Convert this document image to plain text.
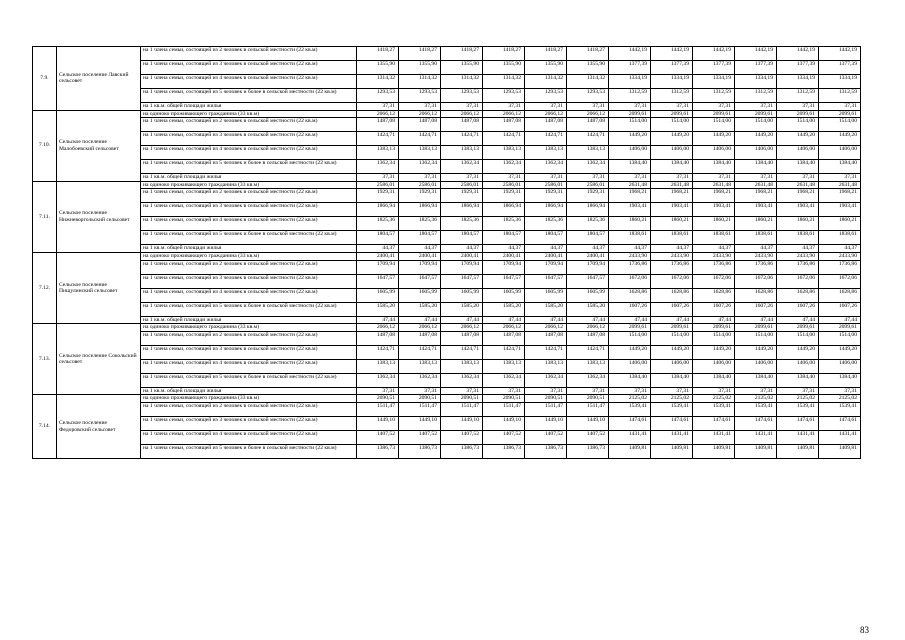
7.9.	Сельское поселение Лавский сельсовет	на 1 члена семьи, состоящей из 2 человек в сельской местности (22 кв.м)	1418,27	1418,27	1418,27	1418,27	1418,27	1418,27	1442,19	1442,19	1442,19	1442,19	1442,19	1442,19
		на 1 члена семьи, состоящей из 3 человек в сельской местности (22 кв.м)	1355,90	1355,90	1355,90	1355,90	1355,90	1355,90	1377,39	1377,39	1377,39	1377,39	1377,39	1377,39
		на 1 члена семьи, состоящей из 4 человек в сельской местности (22 кв.м)	1314,32	1314,32	1314,32	1314,32	1314,32	1314,32	1334,19	1334,19	1334,19	1334,19	1334,19	1334,19
		на 1 члена семьи, состоящей из 5 человек и более в сельской местности (22 кв.м)	1293,53	1293,53	1293,53	1293,53	1293,53	1293,53	1312,59	1312,59	1312,59	1312,59	1312,59	1312,59
		на 1 кв.м. общей площади жилья	37,31	37,31	37,31	37,31	37,31	37,31	37,31	37,31	37,31	37,31	37,31	37,31
7.10.	Сельское поселение Малобоевский сельсовет	на одиноко проживающего гражданина (33 кв.м)	2066,12	2066,12	2066,12	2066,12	2066,12	2066,12	2099,61	2099,61	2099,61	2099,61	2099,61	2099,61
		на 1 члена семьи, состоящей из 2 человек в сельской местности (22 кв.м)	1487,08	1487,08	1487,08	1487,08	1487,08	1487,08	1514,00	1514,00	1514,00	1514,00	1514,00	1514,00
		на 1 члена семьи, состоящей из 3 человек в сельской местности (22 кв.м)	1424,71	1424,71	1424,71	1424,71	1424,71	1424,71	1449,20	1449,20	1449,20	1449,20	1449,20	1449,20
		на 1 члена семьи, состоящей из 4 человек в сельской местности (22 кв.м)	1383,13	1383,13	1383,13	1383,13	1383,13	1383,13	1406,00	1406,00	1406,00	1406,00	1406,00	1406,00
		на 1 члена семьи, состоящей из 5 человек и более в сельской местности (22 кв.м)	1362,34	1362,34	1362,34	1362,34	1362,34	1362,34	1384,40	1384,40	1384,40	1384,40	1384,40	1384,40
		на 1 кв.м. общей площади жилья	37,31	37,31	37,31	37,31	37,31	37,31	37,31	37,31	37,31	37,31	37,31	37,31
7.11.	Сельское поселение Нижневоргольский сельсовет	на одиноко проживающего гражданина (33 кв.м)	2586,01	2586,01	2586,01	2586,01	2586,01	2586,01	2631,48	2631,48	2631,48	2631,48	2631,48	2631,48
		на 1 члена семьи, состоящей из 2 человек в сельской местности (22 кв.м)	1929,31	1929,31	1929,31	1929,31	1929,31	1929,31	1968,21	1968,21	1968,21	1968,21	1968,21	1968,21
		на 1 члена семьи, состоящей из 3 человек в сельской местности (22 кв.м)	1866,94	1866,94	1866,94	1866,94	1866,94	1866,94	1903,41	1903,41	1903,41	1903,41	1903,41	1903,41
		на 1 члена семьи, состоящей из 4 человек в сельской местности (22 кв.м)	1825,36	1825,36	1825,36	1825,36	1825,36	1825,36	1860,21	1860,21	1860,21	1860,21	1860,21	1860,21
		на 1 члена семьи, состоящей из 5 человек и более в сельской местности (22 кв.м)	1804,57	1804,57	1804,57	1804,57	1804,57	1804,57	1838,61	1838,61	1838,61	1838,61	1838,61	1838,61
		на 1 кв.м. общей площади жилья	44,37	44,37	44,37	44,37	44,37	44,37	44,37	44,37	44,37	44,37	44,37	44,37
7.12.	Сельское поселение Пищулинский сельсовет	на одиноко проживающего гражданина (33 кв.м)	2400,41	2400,41	2400,41	2400,41	2400,41	2400,41	2433,90	2433,90	2433,90	2433,90	2433,90	2433,90
		на 1 члена семьи, состоящей из 2 человек в сельской местности (22 кв.м)	1709,94	1709,94	1709,94	1709,94	1709,94	1709,94	1736,86	1736,86	1736,86	1736,86	1736,86	1736,86
		на 1 члена семьи, состоящей из 3 человек в сельской местности (22 кв.м)	1647,57	1647,57	1647,57	1647,57	1647,57	1647,57	1672,06	1672,06	1672,06	1672,06	1672,06	1672,06
		на 1 члена семьи, состоящей из 4 человек в сельской местности (22 кв.м)	1605,99	1605,99	1605,99	1605,99	1605,99	1605,99	1628,86	1628,86	1628,86	1628,86	1628,86	1628,86
		на 1 члена семьи, состоящей из 5 человек и более в сельской местности (22 кв.м)	1585,20	1585,20	1585,20	1585,20	1585,20	1585,20	1607,26	1607,26	1607,26	1607,26	1607,26	1607,26
		на 1 кв.м. общей площади жилья	47,44	47,44	47,44	47,44	47,44	47,44	47,44	47,44	47,44	47,44	47,44	47,44
7.13.	Сельское поселение Сокольский сельсовет	на одиноко проживающего гражданина (33 кв.м)	2066,12	2066,12	2066,12	2066,12	2066,12	2066,12	2099,61	2099,61	2099,61	2099,61	2099,61	2099,61
		на 1 члена семьи, состоящей из 2 человек в сельской местности (22 кв.м)	1487,08	1487,08	1487,08	1487,08	1487,08	1487,08	1514,00	1514,00	1514,00	1514,00	1514,00	1514,00
		на 1 члена семьи, состоящей из 3 человек в сельской местности (22 кв.м)	1424,71	1424,71	1424,71	1424,71	1424,71	1424,71	1449,20	1449,20	1449,20	1449,20	1449,20	1449,20
		на 1 члена семьи, состоящей из 4 человек в сельской местности (22 кв.м)	1383,13	1383,13	1383,13	1383,13	1383,13	1383,13	1406,00	1406,00	1406,00	1406,00	1406,00	1406,00
		на 1 члена семьи, состоящей из 5 человек и более в сельской местности (22 кв.м)	1362,34	1362,34	1362,34	1362,34	1362,34	1362,34	1384,40	1384,40	1384,40	1384,40	1384,40	1384,40
		на 1 кв.м. общей площади жилья	37,31	37,31	37,31	37,31	37,31	37,31	37,31	37,31	37,31	37,31	37,31	37,31
7.14.	Сельское поселение Федоровский сельсовет	на одиноко проживающего гражданина (33 кв.м)	2090,51	2090,51	2090,51	2090,51	2090,51	2090,51	2125,02	2125,02	2125,02	2125,02	2125,02	2125,02
		на 1 члена семьи, состоящей из 2 человек в сельской местности (22 кв.м)	1511,47	1511,47	1511,47	1511,47	1511,47	1511,47	1539,41	1539,41	1539,41	1539,41	1539,41	1539,41
		на 1 члена семьи, состоящей из 3 человек в сельской местности (22 кв.м)	1449,10	1449,10	1449,10	1449,10	1449,10	1449,10	1474,61	1474,61	1474,61	1474,61	1474,61	1474,61
		на 1 члена семьи, состоящей из 4 человек в сельской местности (22 кв.м)	1407,52	1407,52	1407,52	1407,52	1407,52	1407,52	1431,41	1431,41	1431,41	1431,41	1431,41	1431,41
		на 1 члена семьи, состоящей из 5 человек и более в сельской местности (22 кв.м)	1386,73	1386,73	1386,73	1386,73	1386,73	1386,73	1409,81	1409,81	1409,81	1409,81	1409,81	1409,81
83
